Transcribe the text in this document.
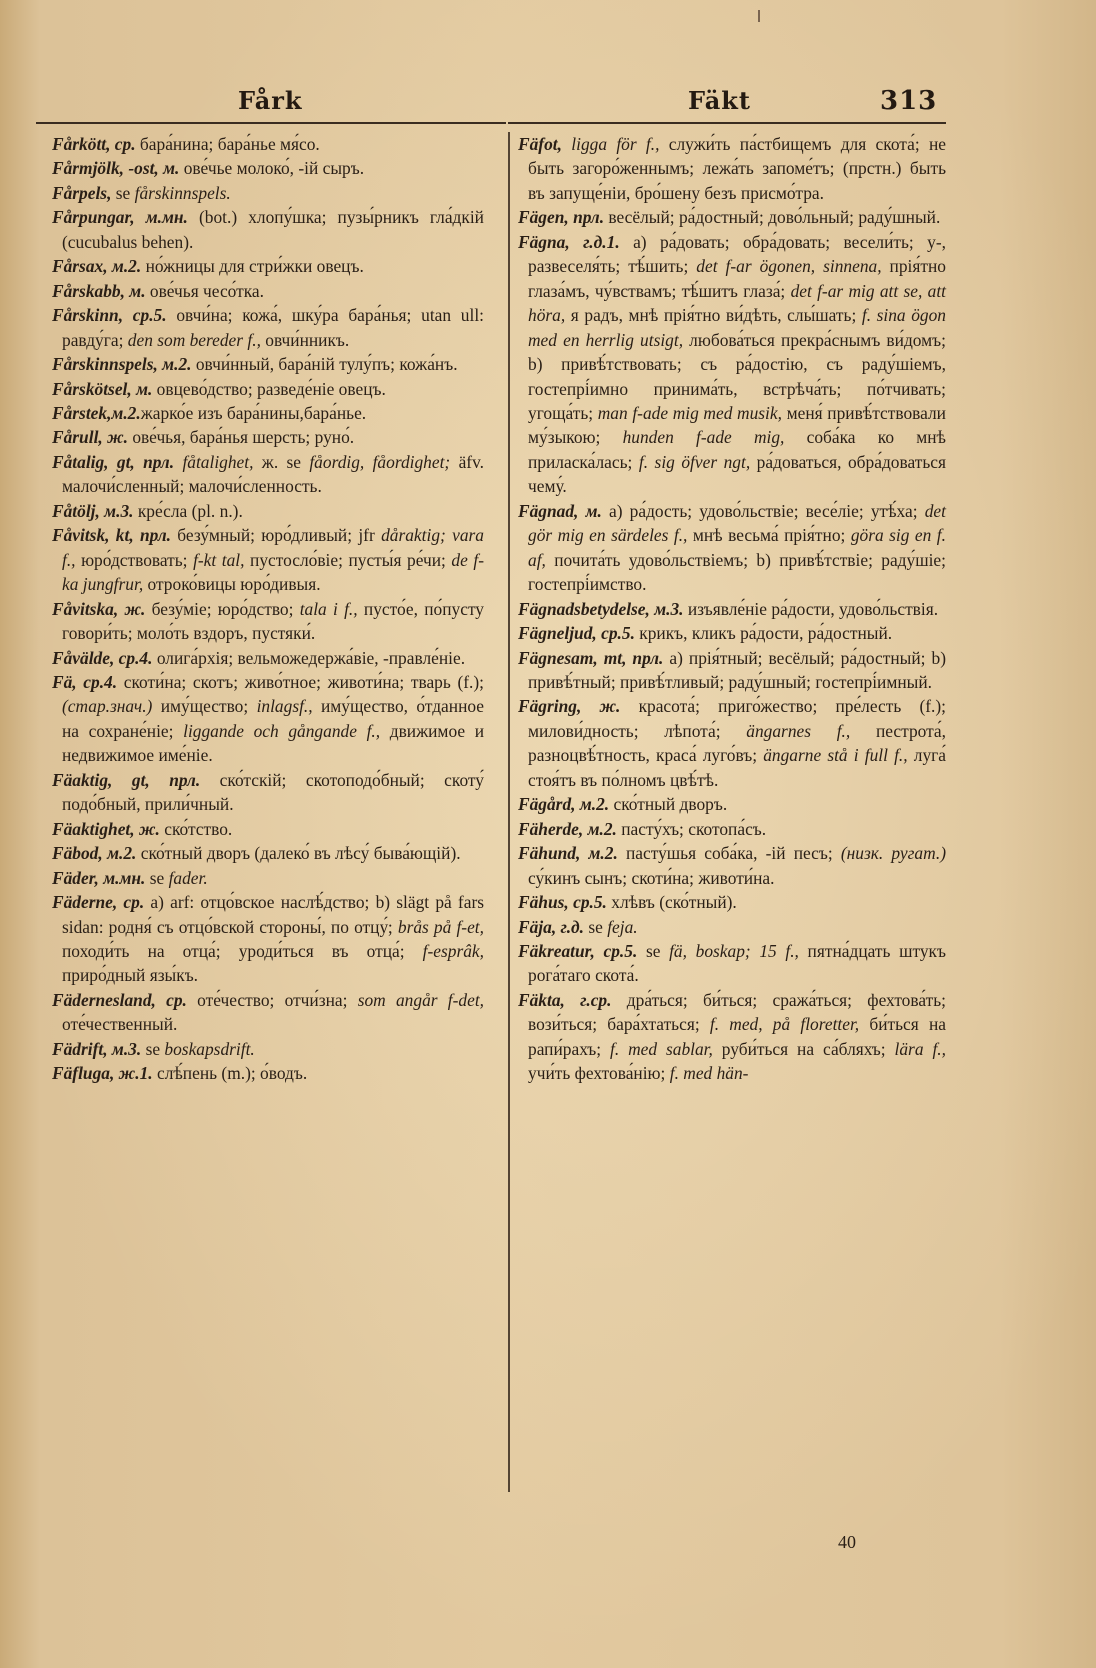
Fårk	Fäkt	313
Fårkött, ср. бара́нина; бара́нье мя́со.
Fårmjölk, -ost, м. ове́чье молоко́, -ій сыръ.
Fårpels, se fårskinnspels.
Fårpungar, м.мн. (bot.) хлопу́шка; пузы́рникъ гла́дкій (cucubalus behen).
Fårsax, м.2. но́жницы для стри́жки овецъ.
Fårskabb, м. ове́чья чесо́тка.
Fårskinn, ср.5. овчи́на; кожа́, шку́ра бара́нья; utan ull: равду́га; den som bereder f., овчи́нникъ.
Fårskinnspels, м.2. овчи́нный, бара́ній тулу́пъ; кожа́нъ.
Fårskötsel, м. овцево́дство; разведе́ніе овецъ.
Fårstek,м.2.жарко́е изъ бара́нины,бара́нье.
Fårull, ж. ове́чья, бара́нья шерсть; руно́.
Fåtalig, gt, прл. fåtalighet, ж. se fåordig, fåordighet; äfv. малочи́сленный; малочи́сленность.
Fåtölj, м.3. кре́сла (pl. n.).
Fåvitsk, kt, прл. безу́мный; юро́дливый; jfr dåraktig; vara f., юро́дствовать; f-kt tal, пустосло́віе; пусты́я ре́чи; de f-ka jungfrur, отроко́вицы юро́дивыя.
Fåvitska, ж. безу́міе; юро́дство; tala i f., пусто́е, по́пусту говори́ть; моло́ть вздоръ, пустяки́.
Fåvälde, ср.4. олига́рхія; вельможедержа́віе, -правле́ніе.
Fä, ср.4. скоти́на; скотъ; живо́тное; животи́на; тварь (f.); (стар.знач.) иму́щество; inlagsf., иму́щество, о́тданное на сохране́ніе; liggande och gångande f., движимое и недвижимое име́ніе.
Fäaktig, gt, прл. ско́тскій; скотоподо́бный; скоту́ подо́бный, прили́чный.
Fäaktighet, ж. ско́тство.
Fäbod, м.2. ско́тный дворъ (далеко́ въ лѣсу́ быва́ющій).
Fäder, м.мн. se fader.
Fäderne, ср. a) arf: отцо́вское наслѣ́дство; b) slägt på fars sidan: родня́ съ отцо́вской стороны́, по отцу́; brås på f-et, походи́ть на отца́; уроди́ться въ отца́; f-esprâk, приро́дный язы́къ.
Fäderneslаnd, ср. оте́чество; отчи́зна; som angår f-det, оте́чественный.
Fädrift, м.3. se boskapsdrift.
Fäfluga, ж.1. слѣ́пень (m.); о́водъ.
Fäfot, ligga för f., служи́ть па́стбищемъ для скота́; не быть загоро́женнымъ; лежа́ть запоме́тъ; (прстн.) быть въ запуще́ніи, бро́шену безъ присмо́тра.
Fägen, прл. весёлый; ра́достный; дово́льный; раду́шный.
Fägna, г.д.1. a) ра́довать; обра́довать; весели́ть; у-, развеселя́ть; тѣ́шить; det f-ar ögonen, sinnena, прія́тно глаза́мъ, чу́вствамъ; тѣ́шитъ глаза́; det f-ar mig att se, att höra, я радъ, мнѣ прія́тно ви́дѣть, слы́шать; f. sina ögon med en herrlig utsigt, любова́ться прекра́снымъ ви́домъ; b) привѣ́тствовать; съ ра́достію, съ раду́шіемъ, гостепрі́имно принима́ть, встрѣча́ть; по́тчивать; угоща́ть; man f-ade mig med musik, меня́ привѣ́тствовали му́зыкою; hunden f-ade mig, соба́ка ко мнѣ приласка́лась; f. sig öfver ngt, ра́доваться, обра́доваться чему́.
Fägnad, м. a) ра́дость; удово́льствіе; весе́ліе; утѣ́ха; det gör mig en särdeles f., мнѣ весьма́ прія́тно; göra sig en f. af, почита́ть удово́льствіемъ; b) привѣ́тствіе; раду́шіе; гостепрі́имство.
Fägnadsbetydelse, м.3. изъявле́ніе ра́дости, удово́льствія.
Fägneljud, ср.5. крикъ, кликъ ра́дости, ра́достный.
Fägnesam, mt, прл. a) прія́тный; весёлый; ра́достный; b) привѣ́тный; привѣ́тливый; раду́шный; гостепрі́имный.
Fägring, ж. красота́; приго́жество; пре́лесть (f.); милови́дность; лѣпота́; ängarnes f., пестрота́, разноцвѣ́тность, краса́ луго́въ; ängarne stå i full f., луга́ стоя́тъ въ по́лномъ цвѣ́тѣ.
Fägård, м.2. ско́тный дворъ.
Fäherde, м.2. пасту́хъ; скотопа́съ.
Fähund, м.2. пасту́шья соба́ка, -ій песъ; (низк. ругат.) су́кинъ сынъ; скоти́на; животи́на.
Fähus, ср.5. хлѣвъ (ско́тный).
Fäja, г.д. se feja.
Fäkreatur, ср.5. se fä, boskap; 15 f., пятна́дцать штукъ рога́таго скота́.
Fäkta, г.ср. дра́ться; би́ться; сража́ться; фехтова́ть; вози́ться; бара́хтаться; f. med, på floretter, би́ться на рапи́рахъ; f. med sablar, руби́ться на са́бляхъ; lära f., учи́ть фехтова́нію; f. med hän-
40
